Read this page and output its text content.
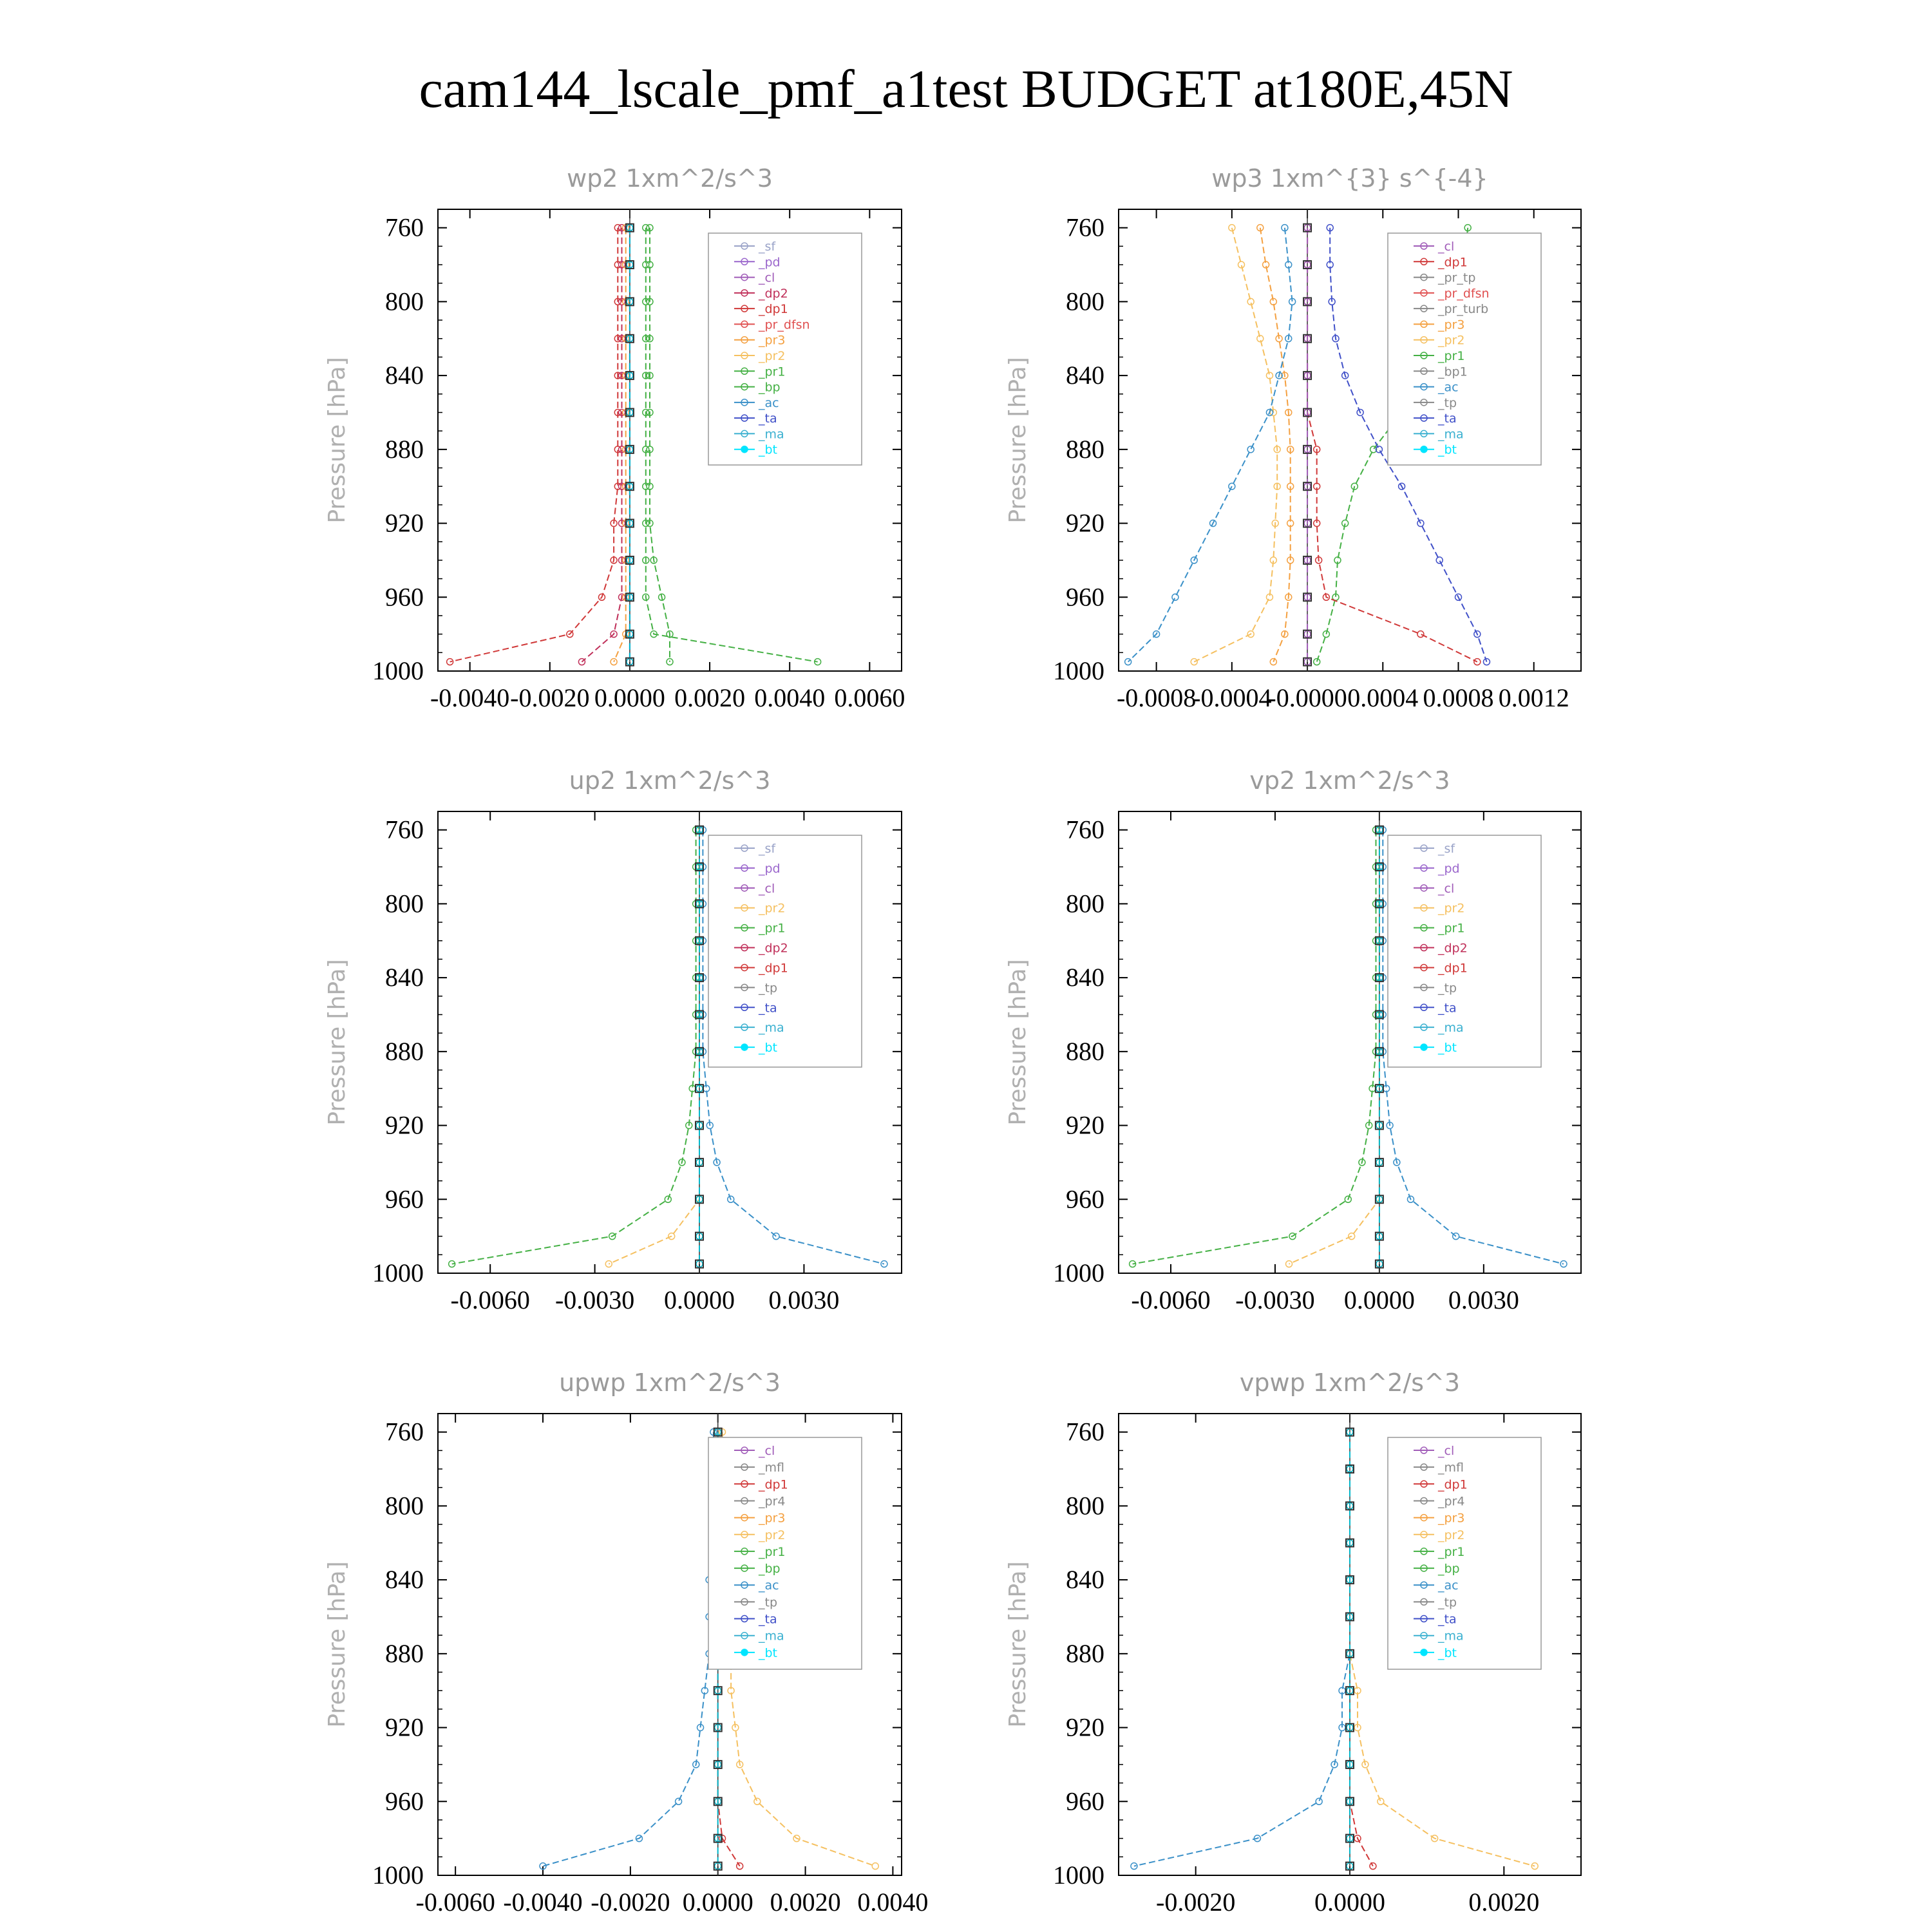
cam144_lscale_pmf_a1test BUDGET at180E,45N
wp2 1xm^2/s^3
Pressure [hPa]
760
800
840
880
920
960
1000
-0.0040 -0.0020 0.0000 0.0020 0.0040 0.0060
_sf
_pd
_cl
_dp2
_dp1
_pr_dfsn
_pr3
_pr2
_pr1
_bp
_ac
_ta
_ma
_bt
wp3 1xm^{3} s^{-4}
Pressure [hPa]
760
800
840
880
920
960
1000
-0.0008
-0.0004
-0.0000 0.0004 0.0008 0.0012
_cl
_dp1
_pr_tp
_pr_dfsn
_pr_turb
_pr3
_pr2
_pr1
_bp1
_ac
_tp
_ta
_ma
_bt
up2 1xm^2/s^3
Pressure [hPa]
760
800
840
880
920
960
1000
-0.0060 -0.0030 0.0000 0.0030
_sf
_pd
_cl
_pr2
_pr1
_dp2
_dp1
_tp
_ta
_ma
_bt
vp2 1xm^2/s^3
Pressure [hPa]
760
800
840
880
920
960
1000
-0.0060 -0.0030 0.0000 0.0030
_sf
_pd
_cl
_pr2
_pr1
_dp2
_dp1
_tp
_ta
_ma
_bt
upwp 1xm^2/s^3
Pressure [hPa]
760
800
840
880
920
960
1000
-0.0060 -0.0040 -0.0020 0.0000 0.0020 0.0040
_cl
_mfl
_dp1
_pr4
_pr3
_pr2
_pr1
_bp
_ac
_tp
_ta
_ma
_bt
vpwp 1xm^2/s^3
Pressure [hPa]
760
800
840
880
920
960
1000
-0.0020	0.0000	0.0020
_cl
_mfl
_dp1
_pr4
_pr3
_pr2
_pr1
_bp
_ac
_tp
_ta
_ma
_bt
